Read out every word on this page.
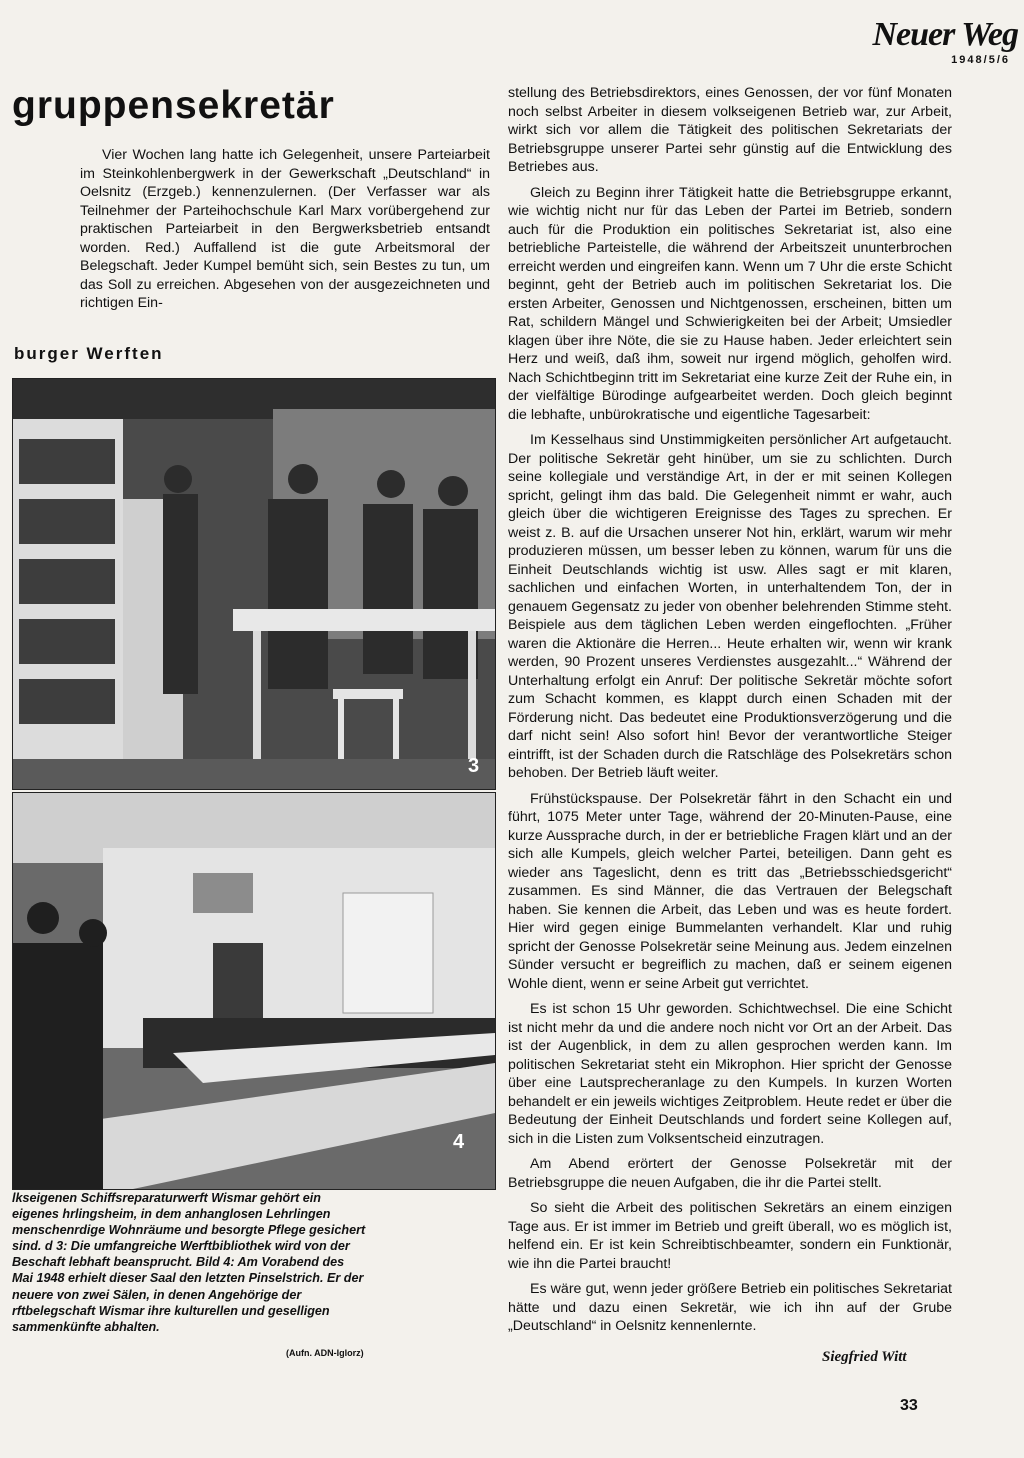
Neuer Weg
1948/5/6
gruppensekretär

Vier Wochen lang hatte ich Gelegenheit, unsere Parteiarbeit im Steinkohlenbergwerk in der Gewerkschaft „Deutschland“ in Oelsnitz (Erzgeb.) kennenzulernen. (Der Verfasser war als Teilnehmer der Parteihochschule Karl Marx vorübergehend zur praktischen Parteiarbeit in den Bergwerksbetrieb entsandt worden. Red.) Auffallend ist die gute Arbeitsmoral der Belegschaft. Jeder Kumpel bemüht sich, sein Bestes zu tun, um das Soll zu erreichen. Abgesehen von der ausgezeichneten und richtigen Ein-

burger Werften
3
4
lkseigenen Schiffsreparaturwerft Wismar gehört ein eigenes hrlingsheim, in dem anhanglosen Lehrlingen menschenrdige Wohnräume und besorgte Pflege gesichert sind. d 3: Die umfangreiche Werftbibliothek wird von der Beschaft lebhaft beansprucht. Bild 4: Am Vorabend des Mai 1948 erhielt dieser Saal den letzten Pinselstrich. Er der neuere von zwei Sälen, in denen Angehörige der rftbelegschaft Wismar ihre kulturellen und geselligen sammenkünfte abhalten.
(Aufn. ADN-Iglorz)

stellung des Betriebsdirektors, eines Genossen, der vor fünf Monaten noch selbst Arbeiter in diesem volkseigenen Betrieb war, zur Arbeit, wirkt sich vor allem die Tätigkeit des politischen Sekretariats der Betriebsgruppe unserer Partei sehr günstig auf die Entwicklung des Betriebes aus.

Gleich zu Beginn ihrer Tätigkeit hatte die Betriebsgruppe erkannt, wie wichtig nicht nur für das Leben der Partei im Betrieb, sondern auch für die Produktion ein politisches Sekretariat ist, also eine betriebliche Parteistelle, die während der Arbeitszeit ununterbrochen erreicht werden und eingreifen kann. Wenn um 7 Uhr die erste Schicht beginnt, geht der Betrieb auch im politischen Sekretariat los. Die ersten Arbeiter, Genossen und Nichtgenossen, erscheinen, bitten um Rat, schildern Mängel und Schwierigkeiten bei der Arbeit; Umsiedler klagen über ihre Nöte, die sie zu Hause haben. Jeder erleichtert sein Herz und weiß, daß ihm, soweit nur irgend möglich, geholfen wird. Nach Schichtbeginn tritt im Sekretariat eine kurze Zeit der Ruhe ein, in der vielfältige Bürodinge aufgearbeitet werden. Doch gleich beginnt die lebhafte, unbürokratische und eigentliche Tagesarbeit:

Im Kesselhaus sind Unstimmigkeiten persönlicher Art aufgetaucht. Der politische Sekretär geht hinüber, um sie zu schlichten. Durch seine kollegiale und verständige Art, in der er mit seinen Kollegen spricht, gelingt ihm das bald. Die Gelegenheit nimmt er wahr, auch gleich über die wichtigeren Ereignisse des Tages zu sprechen. Er weist z. B. auf die Ursachen unserer Not hin, erklärt, warum wir mehr produzieren müssen, um besser leben zu können, warum für uns die Einheit Deutschlands wichtig ist usw. Alles sagt er mit klaren, sachlichen und einfachen Worten, in unterhaltendem Ton, der in genauem Gegensatz zu jeder von obenher belehrenden Stimme steht. Beispiele aus dem täglichen Leben werden eingeflochten. „Früher waren die Aktionäre die Herren... Heute erhalten wir, wenn wir krank werden, 90 Prozent unseres Verdienstes ausgezahlt...“ Während der Unterhaltung erfolgt ein Anruf: Der politische Sekretär möchte sofort zum Schacht kommen, es klappt durch einen Schaden mit der Förderung nicht. Das bedeutet eine Produktionsverzögerung und die darf nicht sein! Also sofort hin! Bevor der verantwortliche Steiger eintrifft, ist der Schaden durch die Ratschläge des Polsekretärs schon behoben. Der Betrieb läuft weiter.

Frühstückspause. Der Polsekretär fährt in den Schacht ein und führt, 1075 Meter unter Tage, während der 20-Minuten-Pause, eine kurze Aussprache durch, in der er betriebliche Fragen klärt und an der sich alle Kumpels, gleich welcher Partei, beteiligen. Dann geht es wieder ans Tageslicht, denn es tritt das „Betriebsschiedsgericht“ zusammen. Es sind Männer, die das Vertrauen der Belegschaft haben. Sie kennen die Arbeit, das Leben und was es heute fordert. Hier wird gegen einige Bummelanten verhandelt. Klar und ruhig spricht der Genosse Polsekretär seine Meinung aus. Jedem einzelnen Sünder versucht er begreiflich zu machen, daß er seinem eigenen Wohle dient, wenn er seine Arbeit gut verrichtet.

Es ist schon 15 Uhr geworden. Schichtwechsel. Die eine Schicht ist nicht mehr da und die andere noch nicht vor Ort an der Arbeit. Das ist der Augenblick, in dem zu allen gesprochen werden kann. Im politischen Sekretariat steht ein Mikrophon. Hier spricht der Genosse über eine Lautsprecheranlage zu den Kumpels. In kurzen Worten behandelt er ein jeweils wichtiges Zeitproblem. Heute redet er über die Bedeutung der Einheit Deutschlands und fordert seine Kollegen auf, sich in die Listen zum Volksentscheid einzutragen.

Am Abend erörtert der Genosse Polsekretär mit der Betriebsgruppe die neuen Aufgaben, die ihr die Partei stellt.

So sieht die Arbeit des politischen Sekretärs an einem einzigen Tage aus. Er ist immer im Betrieb und greift überall, wo es möglich ist, helfend ein. Er ist kein Schreibtischbeamter, sondern ein Funktionär, wie ihn die Partei braucht!

Es wäre gut, wenn jeder größere Betrieb ein politisches Sekretariat hätte und dazu einen Sekretär, wie ich ihn auf der Grube „Deutschland“ in Oelsnitz kennenlernte.

Siegfried Witt
33
